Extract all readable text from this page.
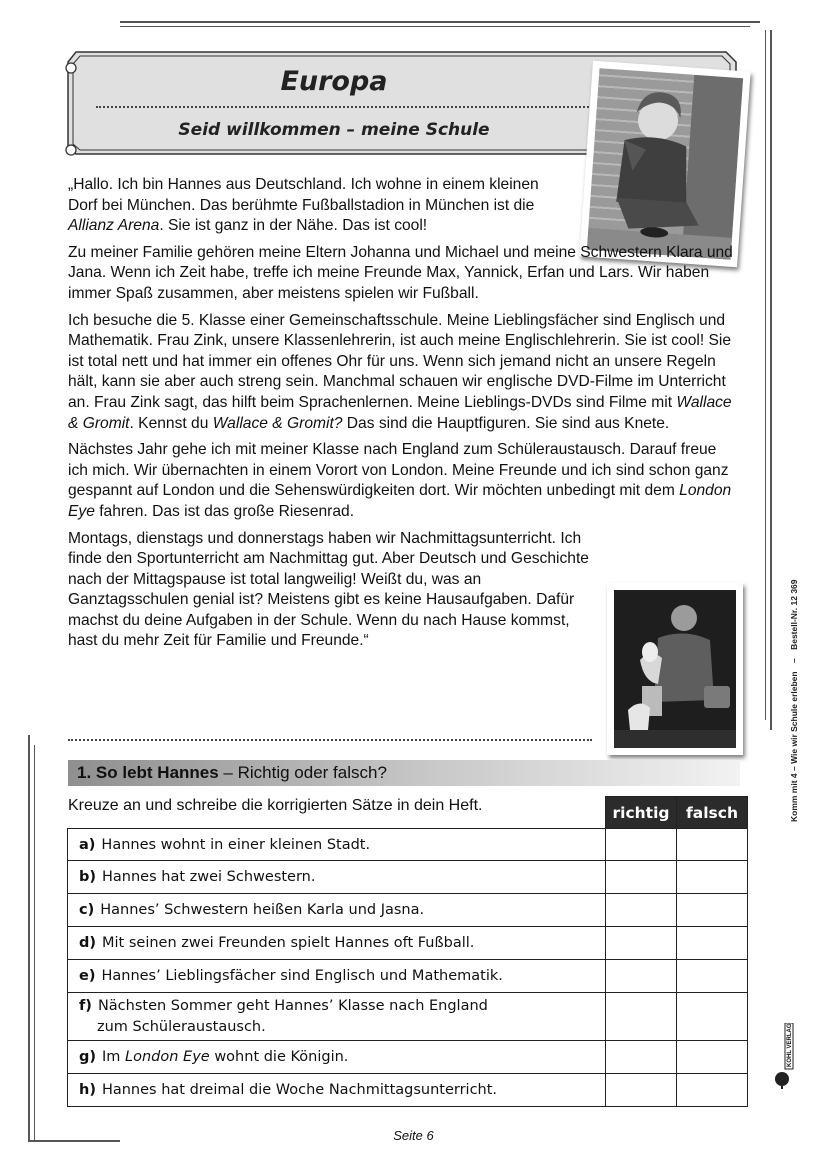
Europa
Seid willkommen – meine Schule

„Hallo. Ich bin Hannes aus Deutschland. Ich wohne in einem kleinen Dorf bei München. Das berühmte Fußballstadion in München ist die Allianz Arena. Sie ist ganz in der Nähe. Das ist cool!

Zu meiner Familie gehören meine Eltern Johanna und Michael und meine Schwestern Klara und Jana. Wenn ich Zeit habe, treffe ich meine Freunde Max, Yannick, Erfan und Lars. Wir haben immer Spaß zusammen, aber meistens spielen wir Fußball.

Ich besuche die 5. Klasse einer Gemeinschaftsschule. Meine Lieblingsfächer sind Englisch und Mathematik. Frau Zink, unsere Klassenlehrerin, ist auch meine Englischlehrerin. Sie ist cool! Sie ist total nett und hat immer ein offenes Ohr für uns. Wenn sich jemand nicht an unsere Regeln hält, kann sie aber auch streng sein. Manchmal schauen wir englische DVD-Filme im Unterricht an. Frau Zink sagt, das hilft beim Sprachenlernen. Meine Lieblings-DVDs sind Filme mit Wallace & Gromit. Kennst du Wallace & Gromit? Das sind die Hauptfiguren. Sie sind aus Knete.

Nächstes Jahr gehe ich mit meiner Klasse nach England zum Schüleraustausch. Darauf freue ich mich. Wir übernachten in einem Vorort von London. Meine Freunde und ich sind schon ganz gespannt auf London und die Sehenswürdigkeiten dort. Wir möchten unbedingt mit dem London Eye fahren. Das ist das große Riesenrad.

Montags, dienstags und donnerstags haben wir Nachmittagsunterricht. Ich finde den Sportunterricht am Nachmittag gut. Aber Deutsch und Geschichte nach der Mittagspause ist total langweilig! Weißt du, was an Ganztagsschulen genial ist? Meistens gibt es keine Hausaufgaben. Dafür machst du deine Aufgaben in der Schule. Wenn du nach Hause kommst, hast du mehr Zeit für Familie und Freunde.“

1. So lebt Hannes – Richtig oder falsch?
Kreuze an und schreibe die korrigierten Sätze in dein Heft.
		richtig	falsch
a) Hannes wohnt in einer kleinen Stadt.		
b) Hannes hat zwei Schwestern.		
c) Hannes’ Schwestern heißen Karla und Jasna.		
d) Mit seinen zwei Freunden spielt Hannes oft Fußball.		
e) Hannes’ Lieblingsfächer sind Englisch und Mathematik.		
f) Nächsten Sommer geht Hannes’ Klasse nach England
zum Schüleraustausch.		
g) Im London Eye wohnt die Königin.		
h) Hannes hat dreimal die Woche Nachmittagsunterricht.		
Komm mit 4 – Wie wir Schule erleben – Bestell-Nr. 12 369
KOHL VERLAG
Seite 6
